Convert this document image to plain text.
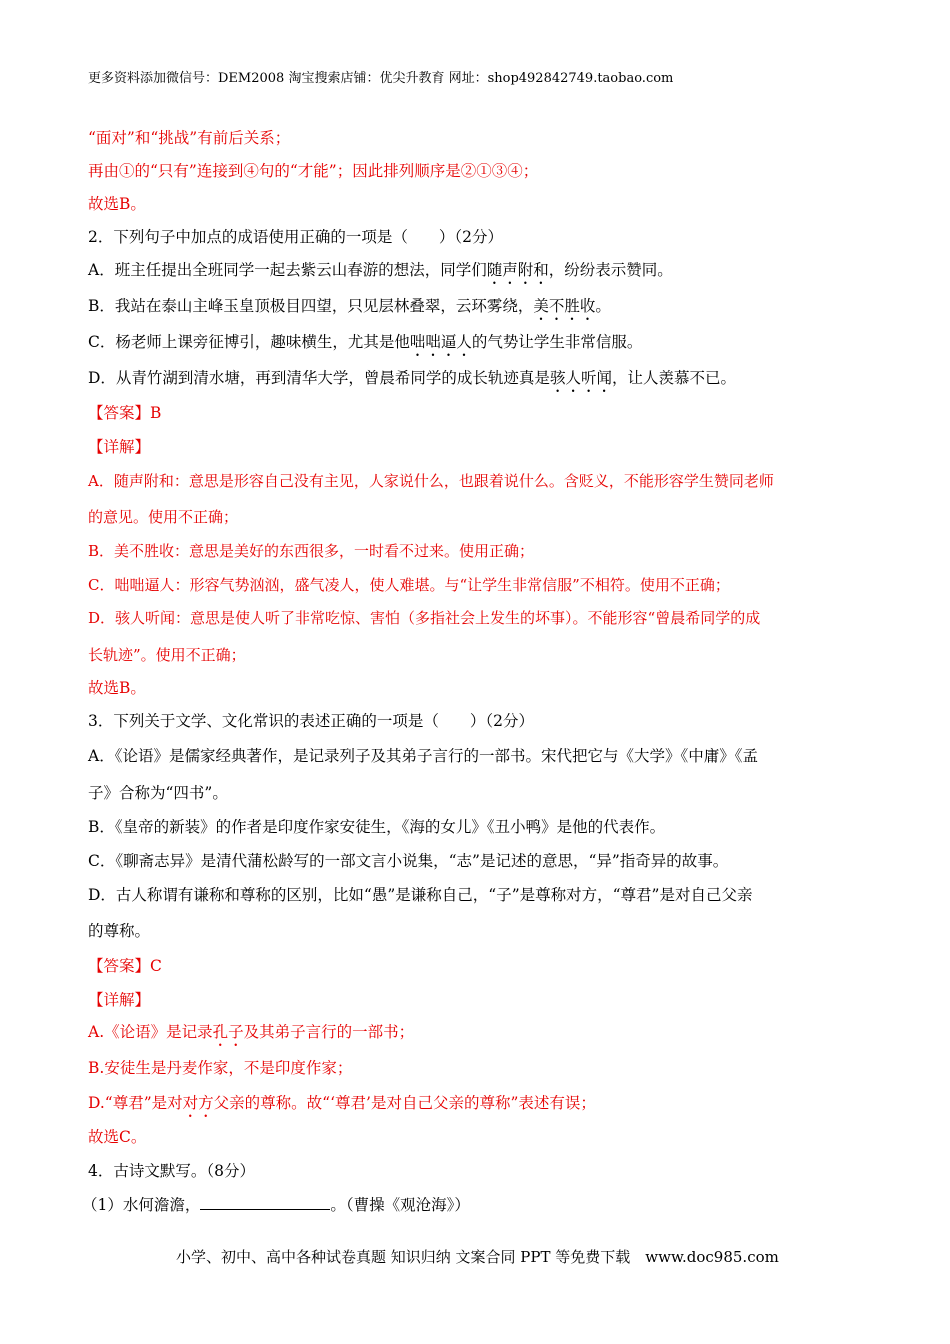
更多资料添加微信号：DEM2008 淘宝搜索店铺：优尖升教育 网址：shop492842749.taobao.com
“面对”和“挑战”有前后关系；
再由①的“只有”连接到④句的“才能”；因此排列顺序是②①③④；
故选B。
2．下列句子中加点的成语使用正确的一项是（　　）（2分）
A．班主任提出全班同学一起去紫云山春游的想法，同学们随声附和，纷纷表示赞同。
B．我站在泰山主峰玉皇顶极目四望，只见层林叠翠，云环雾绕，美不胜收。
C．杨老师上课旁征博引，趣味横生，尤其是他咄咄逼人的气势让学生非常信服。
D．从青竹湖到清水塘，再到清华大学，曾晨希同学的成长轨迹真是骇人听闻，让人羡慕不已。
【答案】B
【详解】
A．随声附和：意思是形容自己没有主见，人家说什么，也跟着说什么。含贬义，不能形容学生赞同老师
的意见。使用不正确；
B．美不胜收：意思是美好的东西很多，一时看不过来。使用正确；
C．咄咄逼人：形容气势汹汹，盛气凌人，使人难堪。与“让学生非常信服”不相符。使用不正确；
D．骇人听闻：意思是使人听了非常吃惊、害怕（多指社会上发生的坏事）。不能形容“曾晨希同学的成
长轨迹”。使用不正确；
故选B。
3．下列关于文学、文化常识的表述正确的一项是（　　）（2分）
A．《论语》是儒家经典著作，是记录列子及其弟子言行的一部书。宋代把它与《大学》《中庸》《孟
子》合称为“四书”。
B．《皇帝的新装》的作者是印度作家安徒生，《海的女儿》《丑小鸭》是他的代表作。
C．《聊斋志异》是清代蒲松龄写的一部文言小说集，“志”是记述的意思，“异”指奇异的故事。
D．古人称谓有谦称和尊称的区别，比如“愚”是谦称自己，“子”是尊称对方，“尊君”是对自己父亲
的尊称。
【答案】C
【详解】
A.《论语》是记录孔子及其弟子言行的一部书；
B.安徒生是丹麦作家，不是印度作家；
D.“尊君”是对对方父亲的尊称。故“‘尊君’是对自己父亲的尊称”表述有误；
故选C。
4．古诗文默写。（8分）
（1）水何澹澹，	。（曹操《观沧海》）
小学、初中、高中各种试卷真题 知识归纳 文案合同 PPT 等免费下载　www.doc985.com
